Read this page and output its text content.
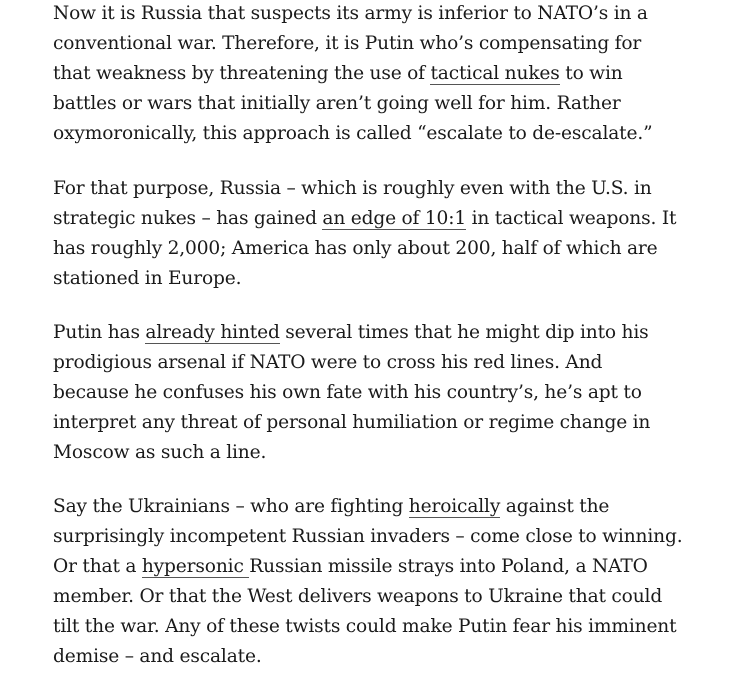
Now it is Russia that suspects its army is inferior to NATO’s in a conventional war. Therefore, it is Putin who’s compensating for that weakness by threatening the use of tactical nukes to win battles or wars that initially aren’t going well for him. Rather oxymoronically, this approach is called “escalate to de-escalate.”

For that purpose, Russia – which is roughly even with the U.S. in strategic nukes – has gained an edge of 10:1 in tactical weapons. It has roughly 2,000; America has only about 200, half of which are stationed in Europe.

Putin has already hinted several times that he might dip into his prodigious arsenal if NATO were to cross his red lines. And because he confuses his own fate with his country’s, he’s apt to interpret any threat of personal humiliation or regime change in Moscow as such a line.

Say the Ukrainians – who are fighting heroically against the surprisingly incompetent Russian invaders – come close to winning. Or that a hypersonic Russian missile strays into Poland, a NATO member. Or that the West delivers weapons to Ukraine that could tilt the war. Any of these twists could make Putin fear his imminent demise – and escalate.
